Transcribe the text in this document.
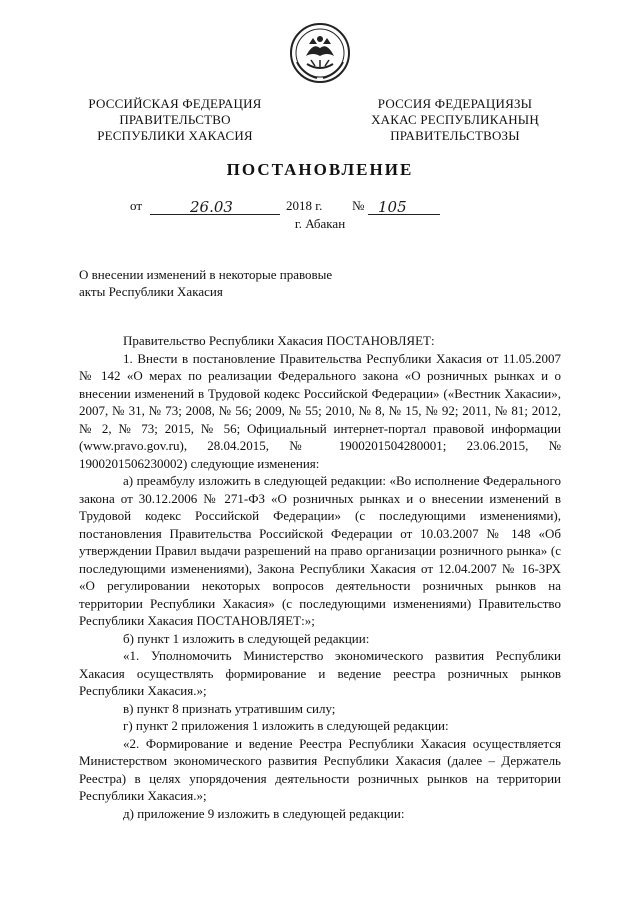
РОССИЙСКАЯ ФЕДЕРАЦИЯ
ПРАВИТЕЛЬСТВО
РЕСПУБЛИКИ ХАКАСИЯ
РОССИЯ ФЕДЕРАЦИЯЗЫ
ХАКАС РЕСПУБЛИКАНЫҢ
ПРАВИТЕЛЬСТВОЗЫ
ПОСТАНОВЛЕНИЕ
от	26.03	2018 г. № 105
г. Абакан
О внесении изменений в некоторые правовые
акты Республики Хакасия

Правительство Республики Хакасия ПОСТАНОВЛЯЕТ:

1. Внести в постановление Правительства Республики Хакасия от 11.05.2007 № 142 «О мерах по реализации Федерального закона «О розничных рынках и о внесении изменений в Трудовой кодекс Российской Федерации» («Вестник Хакасии», 2007, № 31, № 73; 2008, № 56; 2009, № 55; 2010, № 8, № 15, № 92; 2011, № 81; 2012, № 2, № 73; 2015, № 56; Официальный интернет-портал правовой информации (www.pravo.gov.ru), 28.04.2015, № 1900201504280001; 23.06.2015, № 1900201506230002) следующие изменения:

а) преамбулу изложить в следующей редакции: «Во исполнение Федерального закона от 30.12.2006 № 271-ФЗ «О розничных рынках и о внесении изменений в Трудовой кодекс Российской Федерации» (с последующими изменениями), постановления Правительства Российской Федерации от 10.03.2007 № 148 «Об утверждении Правил выдачи разрешений на право организации розничного рынка» (с последующими изменениями), Закона Республики Хакасия от 12.04.2007 № 16-ЗРХ «О регулировании некоторых вопросов деятельности розничных рынков на территории Республики Хакасия» (с последующими изменениями) Правительство Республики Хакасия ПОСТАНОВЛЯЕТ:»;

б) пункт 1 изложить в следующей редакции:

«1. Уполномочить Министерство экономического развития Республики Хакасия осуществлять формирование и ведение реестра розничных рынков Республики Хакасия.»;

в) пункт 8 признать утратившим силу;

г) пункт 2 приложения 1 изложить в следующей редакции:

«2. Формирование и ведение Реестра Республики Хакасия осуществляется Министерством экономического развития Республики Хакасия (далее – Держатель Реестра) в целях упорядочения деятельности розничных рынков на территории Республики Хакасия.»;

д) приложение 9 изложить в следующей редакции:
